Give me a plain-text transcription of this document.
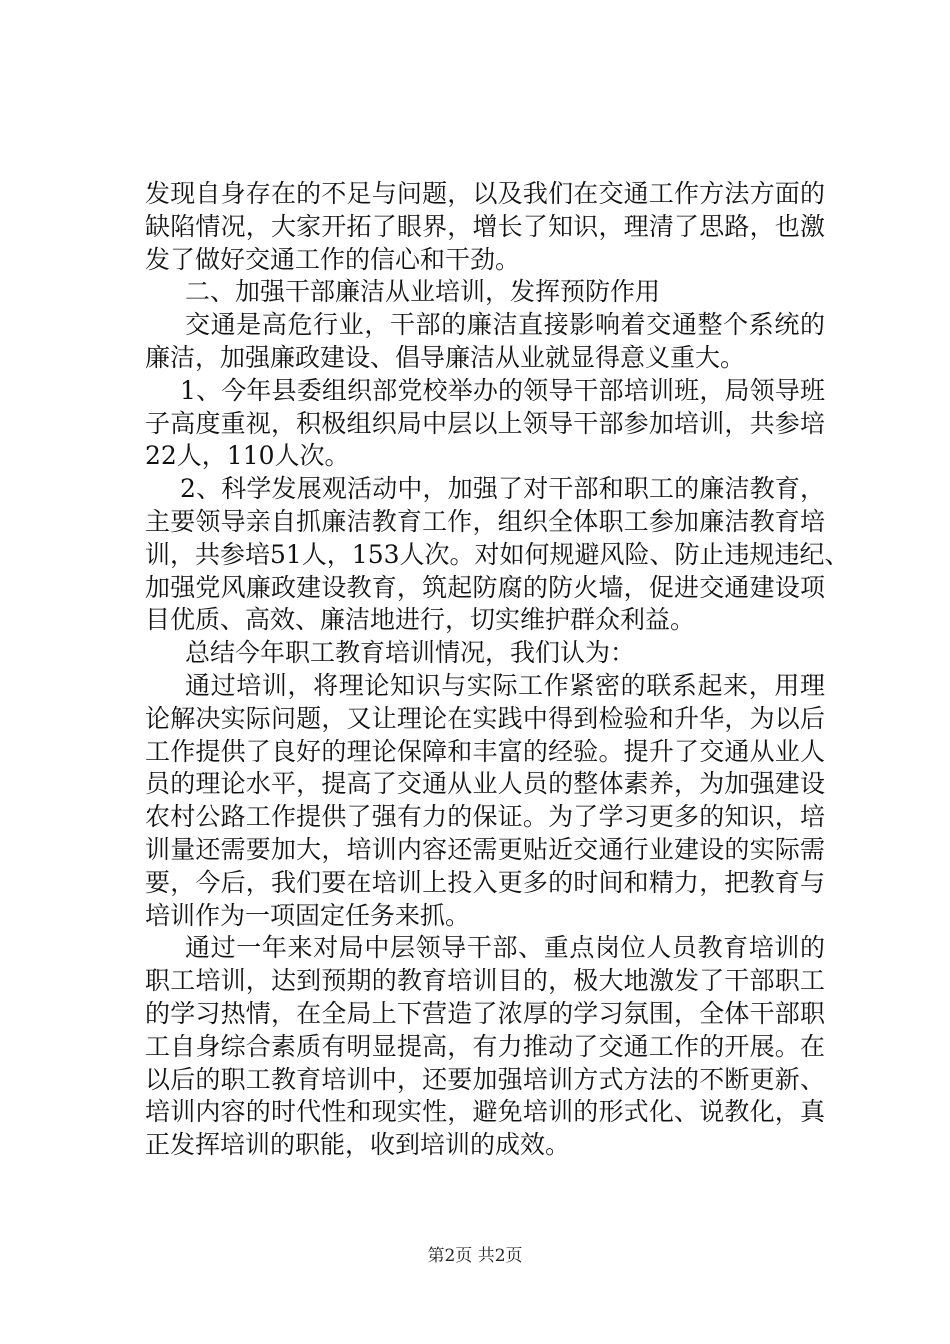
发现自身存在的不足与问题，以及我们在交通工作方法方面的
缺陷情况，大家开拓了眼界，增长了知识，理清了思路，也激
发了做好交通工作的信心和干劲。
二、加强干部廉洁从业培训，发挥预防作用
交通是高危行业，干部的廉洁直接影响着交通整个系统的
廉洁，加强廉政建设、倡导廉洁从业就显得意义重大。
1、今年县委组织部党校举办的领导干部培训班，局领导班
子高度重视，积极组织局中层以上领导干部参加培训，共参培
22人，110人次。
2、科学发展观活动中，加强了对干部和职工的廉洁教育，
主要领导亲自抓廉洁教育工作，组织全体职工参加廉洁教育培
训，共参培51人，153人次。对如何规避风险、防止违规违纪、
加强党风廉政建设教育，筑起防腐的防火墙，促进交通建设项
目优质、高效、廉洁地进行，切实维护群众利益。
总结今年职工教育培训情况，我们认为：
通过培训，将理论知识与实际工作紧密的联系起来，用理
论解决实际问题，又让理论在实践中得到检验和升华，为以后
工作提供了良好的理论保障和丰富的经验。提升了交通从业人
员的理论水平，提高了交通从业人员的整体素养，为加强建设
农村公路工作提供了强有力的保证。为了学习更多的知识，培
训量还需要加大，培训内容还需更贴近交通行业建设的实际需
要，今后，我们要在培训上投入更多的时间和精力，把教育与
培训作为一项固定任务来抓。
通过一年来对局中层领导干部、重点岗位人员教育培训的
职工培训，达到预期的教育培训目的，极大地激发了干部职工
的学习热情，在全局上下营造了浓厚的学习氛围，全体干部职
工自身综合素质有明显提高，有力推动了交通工作的开展。在
以后的职工教育培训中，还要加强培训方式方法的不断更新、
培训内容的时代性和现实性，避免培训的形式化、说教化，真
正发挥培训的职能，收到培训的成效。
第2页 共2页
